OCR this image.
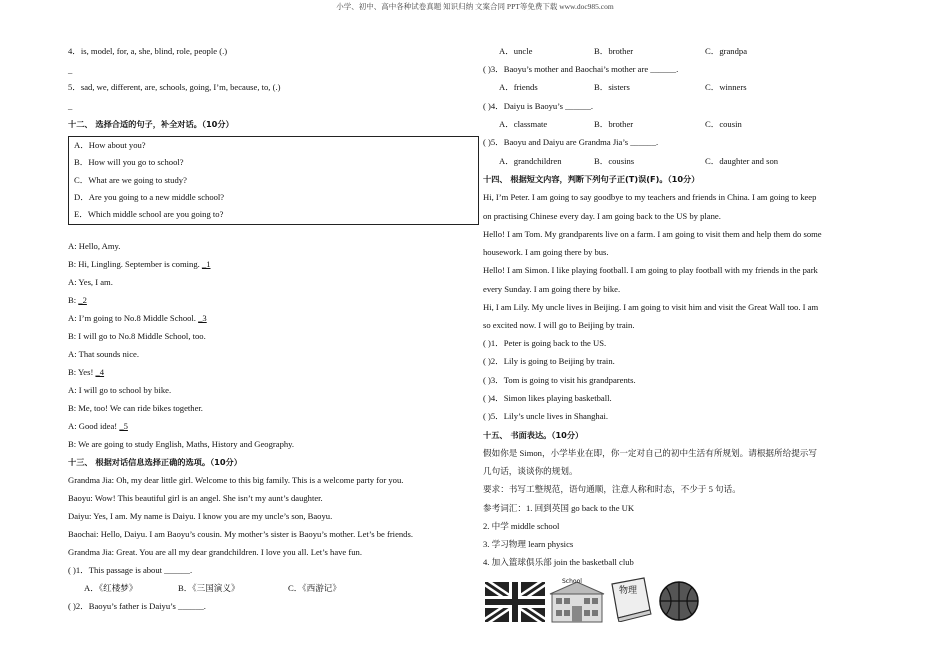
小学、初中、高中各种试卷真题 知识归纳 文案合同 PPT等免费下载 www.doc985.com
4．is, model, for, a, she, blind, role, people (.)
_
5．sad, we, different, are, schools, going, I’m, because, to, (.)
_
十二、 选择合适的句子，补全对话。（10分）
A．How about you?
B．How will you go to school?
C．What are we going to study?
D．Are you going to a new middle school?
E．Which middle school are you going to?
A: Hello, Amy.
B: Hi, Lingling. September is coming. _1
A: Yes, I am.
B: _2
A: I’m going to No.8 Middle School. _3
B: I will go to No.8 Middle School, too.
A: That sounds nice.
B: Yes! _4
A: I will go to school by bike.
B: Me, too! We can ride bikes together.
A: Good idea! _5
B: We are going to study English, Maths, History and Geography.
十三、 根据对话信息选择正确的选项。（10分）
Grandma Jia: Oh, my dear little girl. Welcome to this big family. This is a welcome party for you.
Baoyu: Wow! This beautiful girl is an angel. She isn’t my aunt’s daughter.
Daiyu: Yes, I am. My name is Daiyu. I know you are my uncle’s son, Baoyu.
Baochai: Hello, Daiyu. I am Baoyu’s cousin. My mother’s sister is Baoyu’s mother. Let’s be friends.
Grandma Jia: Great. You are all my dear grandchildren. I love you all. Let’s have fun.
( )1．This passage is about ______.
A．《红楼梦》	B．《三国演义》	C．《西游记》
( )2．Baoyu’s father is Daiyu’s ______.
A．uncle	B．brother	C．grandpa
( )3．Baoyu’s mother and Baochai’s mother are ______.
A．friends	B．sisters	C．winners
( )4．Daiyu is Baoyu’s ______.
A．classmate	B．brother	C．cousin
( )5．Baoyu and Daiyu are Grandma Jia’s ______.
A．grandchildren	B．cousins	C．daughter and son
十四、 根据短文内容，判断下列句子正(T)误(F)。（10分）
Hi, I’m Peter. I am going to say goodbye to my teachers and friends in China. I am going to keep
on practising Chinese every day. I am going back to the US by plane.
Hello! I am Tom. My grandparents live on a farm. I am going to visit them and help them do some
housework. I am going there by bus.
Hello! I am Simon. I like playing football. I am going to play football with my friends in the park
every Sunday. I am going there by bike.
Hi, I am Lily. My uncle lives in Beijing. I am going to visit him and visit the Great Wall too. I am
so excited now. I will go to Beijing by train.
( )1．Peter is going back to the US.
( )2．Lily is going to Beijing by train.
( )3．Tom is going to visit his grandparents.
( )4．Simon likes playing basketball.
( )5．Lily’s uncle lives in Shanghai.
十五、 书面表达。（10分）
假如你是 Simon，小学毕业在即，你一定对自己的初中生活有所规划。请根据所给提示写
几句话，谈谈你的规划。
要求：书写工整规范，语句通顺，注意人称和时态，不少于 5 句话。
参考词汇：1. 回到英国 go back to the UK
2. 中学 middle school
3. 学习物理 learn physics
4. 加入篮球俱乐部 join the basketball club
School
物理
